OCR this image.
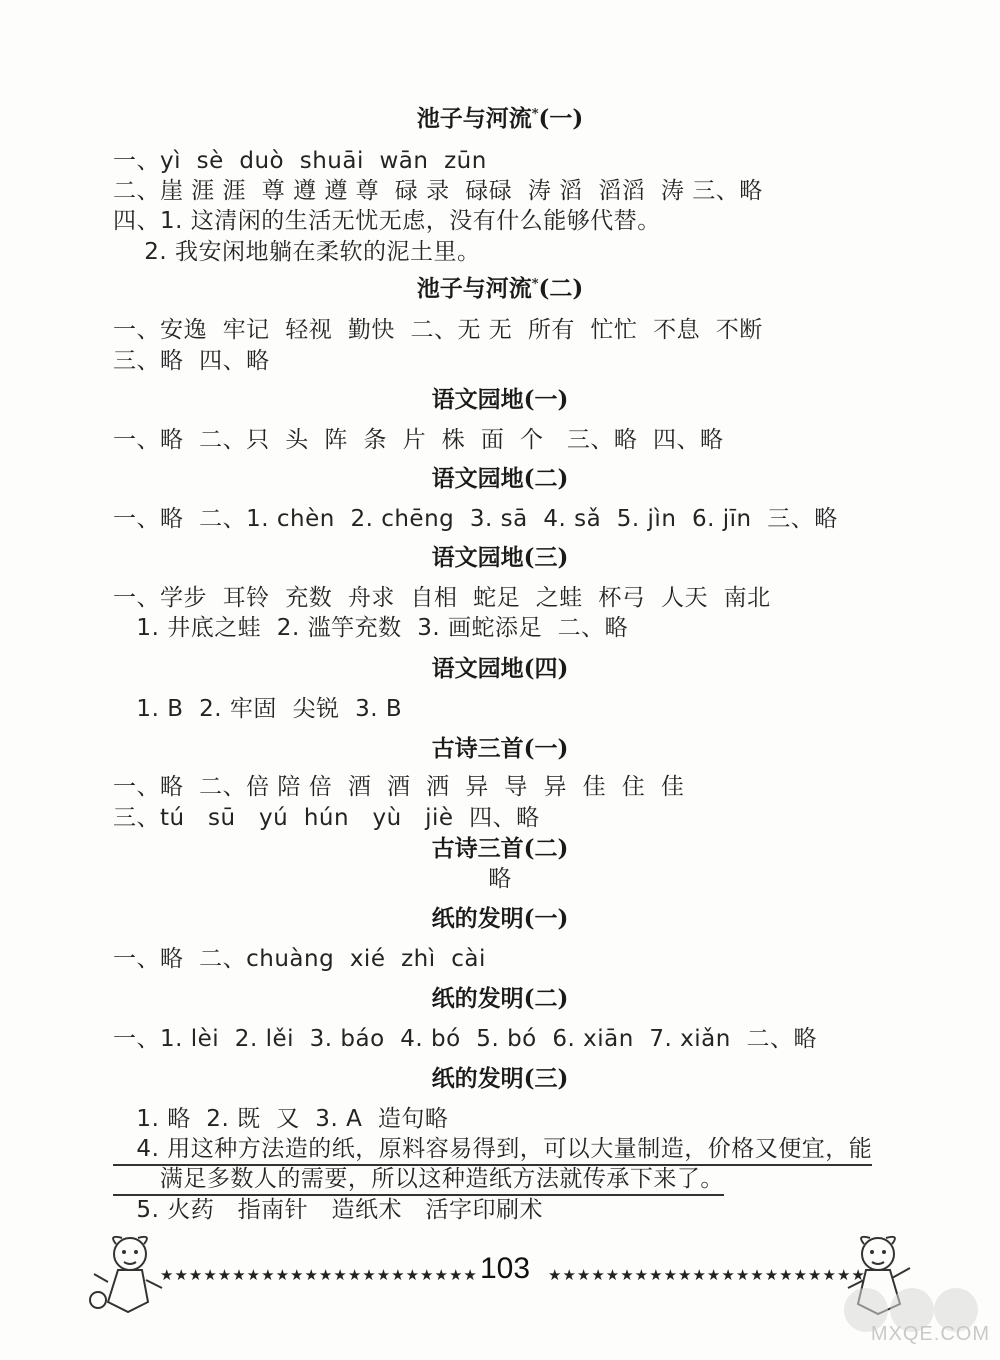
池子与河流*(一)
一、yì  sè  duò  shuāi  wān  zūn
二、崖 涯 涯  尊 遵 遵 尊  碌 录  碌碌  涛 滔  滔滔  涛 三、略
四、1. 这清闲的生活无忧无虑，没有什么能够代替。
2. 我安闲地躺在柔软的泥土里。
池子与河流*(二)
一、安逸  牢记  轻视  勤快  二、无 无  所有  忙忙  不息  不断
三、略  四、略
语文园地(一)
一、略  二、只  头  阵  条  片  株  面  个   三、略  四、略
语文园地(二)
一、略  二、1. chèn  2. chēng  3. sā  4. sǎ  5. jìn  6. jīn  三、略
语文园地(三)
一、学步  耳铃  充数  舟求  自相  蛇足  之蛙  杯弓  人天  南北
1. 井底之蛙  2. 滥竽充数  3. 画蛇添足  二、略
语文园地(四)
1. B  2. 牢固  尖锐  3. B
古诗三首(一)
一、略  二、倍 陪 倍  酒  酒  洒  异  导  异  佳  住  佳
三、tú   sū   yú  hún   yù   jiè  四、略
古诗三首(二)
略
纸的发明(一)
一、略  二、chuàng  xié  zhì  cài
纸的发明(二)
一、1. lèi  2. lěi  3. báo  4. bó  5. bó  6. xiān  7. xiǎn  二、略
纸的发明(三)
1. 略  2. 既  又  3. A  造句略
4. 用这种方法造的纸，原料容易得到，可以大量制造，价格又便宜，能
满足多数人的需要，所以这种造纸方法就传承下来了。
5. 火药   指南针   造纸术   活字印刷术
★★★★★★★★★★★★★★★★★★★★★★ 103	★★★★★★★★★★★★★★★★★★★★★★
MXQE.COM
